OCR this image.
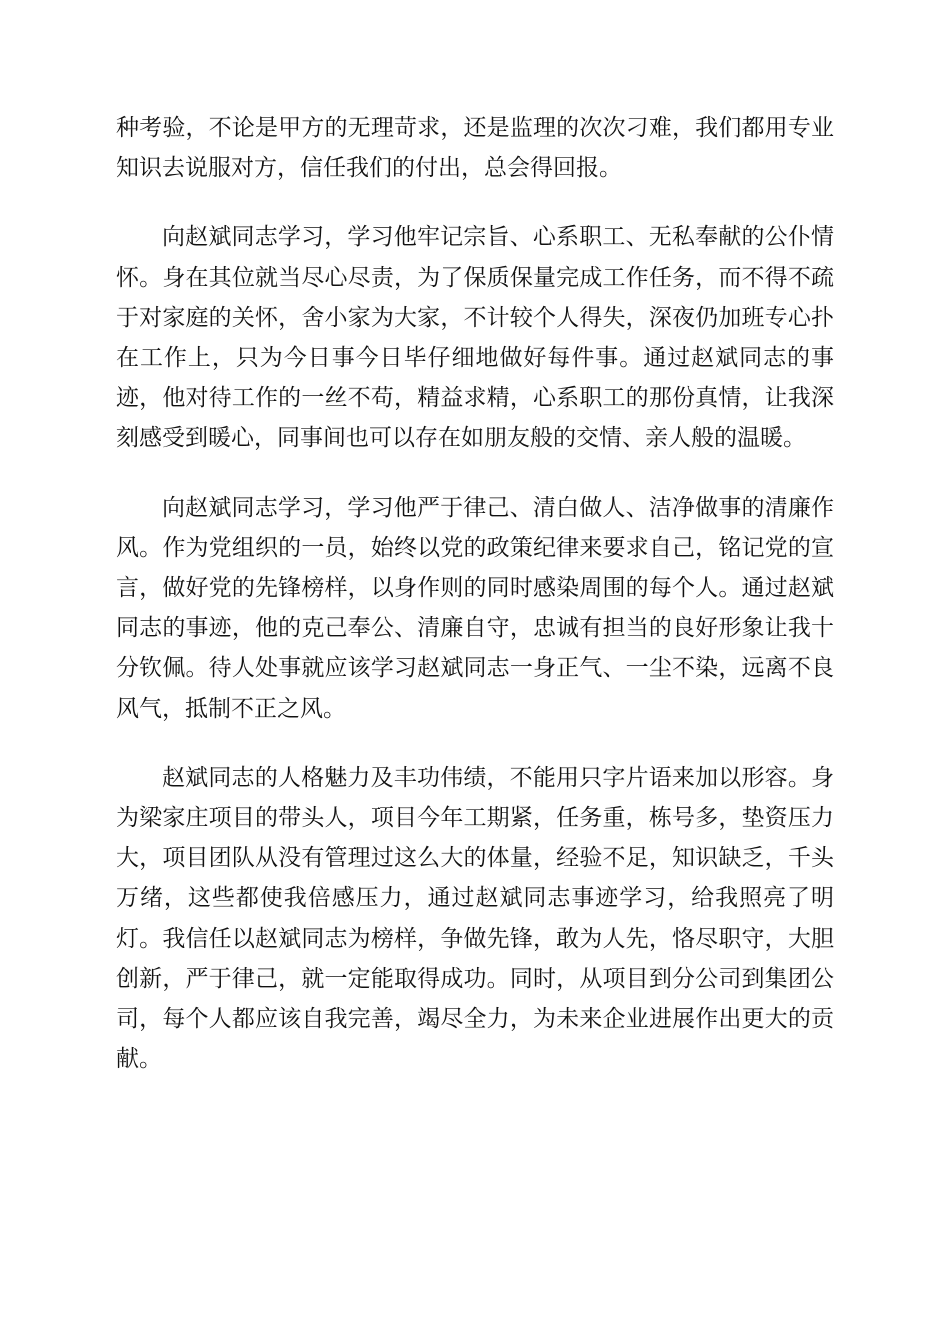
种考验，不论是甲方的无理苛求，还是监理的次次刁难，我们都用专业知识去说服对方，信任我们的付出，总会得回报。

向赵斌同志学习，学习他牢记宗旨、心系职工、无私奉献的公仆情怀。身在其位就当尽心尽责，为了保质保量完成工作任务，而不得不疏于对家庭的关怀，舍小家为大家，不计较个人得失，深夜仍加班专心扑在工作上，只为今日事今日毕仔细地做好每件事。通过赵斌同志的事迹，他对待工作的一丝不苟，精益求精，心系职工的那份真情，让我深刻感受到暖心，同事间也可以存在如朋友般的交情、亲人般的温暖。

向赵斌同志学习，学习他严于律己、清白做人、洁净做事的清廉作风。作为党组织的一员，始终以党的政策纪律来要求自己，铭记党的宣言，做好党的先锋榜样，以身作则的同时感染周围的每个人。通过赵斌同志的事迹，他的克己奉公、清廉自守，忠诚有担当的良好形象让我十分钦佩。待人处事就应该学习赵斌同志一身正气、一尘不染，远离不良风气，抵制不正之风。

赵斌同志的人格魅力及丰功伟绩，不能用只字片语来加以形容。身为梁家庄项目的带头人，项目今年工期紧，任务重，栋号多，垫资压力大，项目团队从没有管理过这么大的体量，经验不足，知识缺乏，千头万绪，这些都使我倍感压力，通过赵斌同志事迹学习，给我照亮了明灯。我信任以赵斌同志为榜样，争做先锋，敢为人先，恪尽职守，大胆创新，严于律己，就一定能取得成功。同时，从项目到分公司到集团公司，每个人都应该自我完善，竭尽全力，为未来企业进展作出更大的贡献。
